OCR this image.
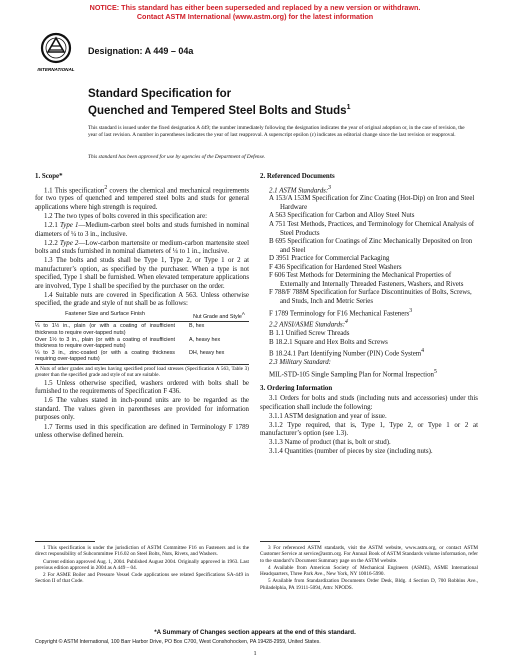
NOTICE: This standard has either been superseded and replaced by a new version or withdrawn.
Contact ASTM International (www.astm.org) for the latest information
INTERNATIONAL
Designation: A 449 – 04a
Standard Specification for
Quenched and Tempered Steel Bolts and Studs$^1$
This standard is issued under the fixed designation A 449; the number immediately following the designation indicates the year of original adoption or, in the case of revision, the year of last revision. A number in parentheses indicates the year of last reapproval. A superscript epsilon (ε) indicates an editorial change since the last revision or reapproval.
This standard has been approved for use by agencies of the Department of Defense.
1. Scope*
1.1 This specification$^2$ covers the chemical and mechanical requirements for two types of quenched and tempered steel bolts and studs for general applications where high strength is required.
1.2 The two types of bolts covered in this specification are:
1.2.1 Type 1—Medium-carbon steel bolts and studs furnished in nominal diameters of ¼ to 3 in., inclusive.
1.2.2 Type 2—Low-carbon martensite or medium-carbon martensite steel bolts and studs furnished in nominal diameters of ¼ to 1 in., inclusive.
1.3 The bolts and studs shall be Type 1, Type 2, or Type 1 or 2 at manufacturer’s option, as specified by the purchaser. When a type is not specified, Type 1 shall be furnished. When elevated temperature applications are involved, Type 1 shall be specified by the purchaser on the order.
1.4 Suitable nuts are covered in Specification A 563. Unless otherwise specified, the grade and style of nut shall be as follows:
Fastener Size and Surface Finish	Nut Grade and Style$^A$
¼ to 1½ in., plain (or with a coating of insufficient thickness to require over-tapped nuts)
B, hex
Over 1½ to 3 in., plain (or with a coating of insufficient thickness to require over-tapped nuts)
A, heavy hex
¼ to 3 in., zinc-coated (or with a coating thickness requiring over-tapped nuts)
DH, heavy hex
A Nuts of other grades and styles having specified proof load stresses (Specification A 563, Table 3) greater than the specified grade and style of nut are suitable.
1.5 Unless otherwise specified, washers ordered with bolts shall be furnished to the requirements of Specification F 436.
1.6 The values stated in inch-pound units are to be regarded as the standard. The values given in parentheses are provided for information purposes only.
1.7 Terms used in this specification are defined in Terminology F 1789 unless otherwise defined herein.
2. Referenced Documents
2.1 ASTM Standards:$^3$
A 153/A 153M Specification for Zinc Coating (Hot-Dip) on Iron and Steel Hardware
A 563 Specification for Carbon and Alloy Steel Nuts
A 751 Test Methods, Practices, and Terminology for Chemical Analysis of Steel Products
B 695 Specification for Coatings of Zinc Mechanically Deposited on Iron and Steel
D 3951 Practice for Commercial Packaging
F 436 Specification for Hardened Steel Washers
F 606 Test Methods for Determining the Mechanical Properties of Externally and Internally Threaded Fasteners, Washers, and Rivets
F 788/F 788M Specification for Surface Discontinuities of Bolts, Screws, and Studs, Inch and Metric Series
F 1789 Terminology for F16 Mechanical Fasteners$^3$
2.2 ANSI/ASME Standards:$^4$
B 1.1 Unified Screw Threads
B 18.2.1 Square and Hex Bolts and Screws
B 18.24.1 Part Identifying Number (PIN) Code System$^4$
2.3 Military Standard:
MIL-STD-105 Single Sampling Plan for Normal Inspection$^5$
3. Ordering Information
3.1 Orders for bolts and studs (including nuts and accessories) under this specification shall include the following:
3.1.1 ASTM designation and year of issue.
3.1.2 Type required, that is, Type 1, Type 2, or Type 1 or 2 at manufacturer’s option (see 1.3).
3.1.3 Name of product (that is, bolt or stud).
3.1.4 Quantities (number of pieces by size (including nuts).

1 This specification is under the jurisdiction of ASTM Committee F16 on Fasteners and is the direct responsibility of Subcommittee F16.02 on Steel Bolts, Nuts, Rivets, and Washers.

Current edition approved Aug. 1, 2004. Published August 2004. Originally approved in 1963. Last previous edition approved in 2004 as A 449 – 04.

2 For ASME Boiler and Pressure Vessel Code applications see related Specifications SA-449 in Section II of that Code.

3 For referenced ASTM standards, visit the ASTM website, www.astm.org, or contact ASTM Customer Service at service@astm.org. For Annual Book of ASTM Standards volume information, refer to the standard’s Document Summary page on the ASTM website.

4 Available from American Society of Mechanical Engineers (ASME), ASME International Headquarters, Three Park Ave., New York, NY 10016-5990.

5 Available from Standardization Documents Order Desk, Bldg. 4 Section D, 700 Robbins Ave., Philadelphia, PA 19111-5094, Attn: NPODS.

*A Summary of Changes section appears at the end of this standard.
Copyright © ASTM International, 100 Barr Harbor Drive, PO Box C700, West Conshohocken, PA 19428-2959, United States.
1
